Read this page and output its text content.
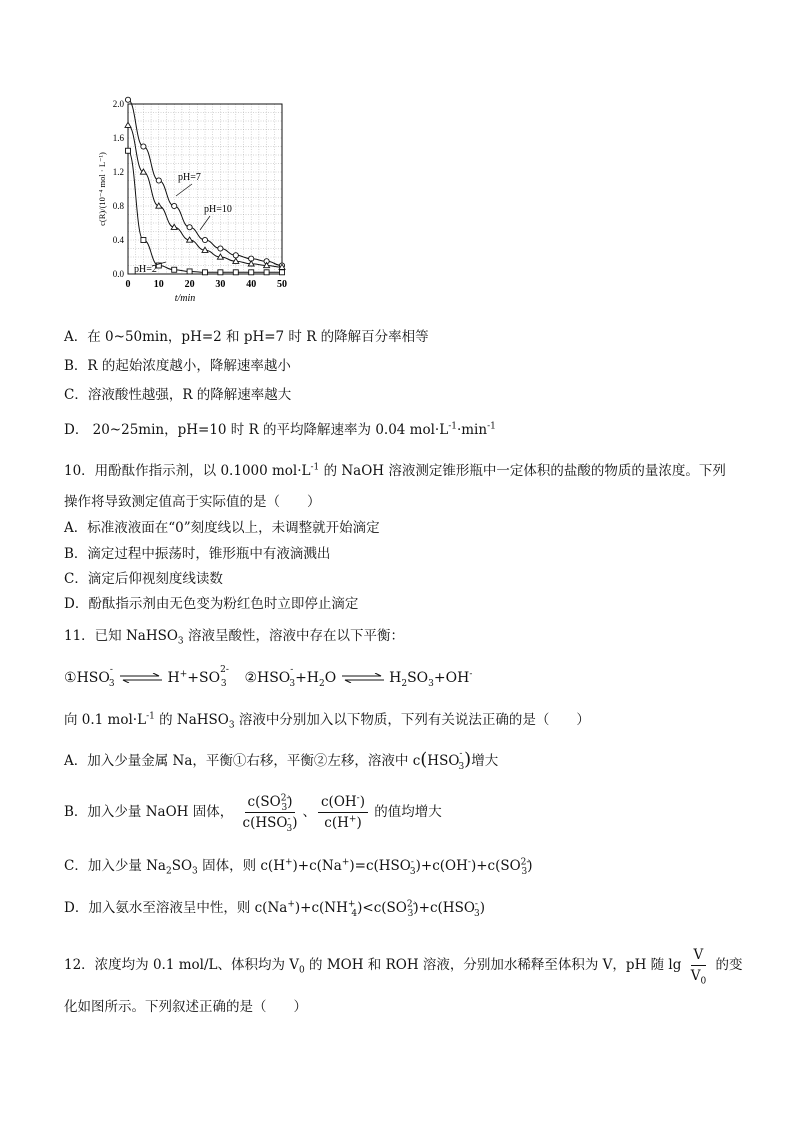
0 10 20 30 40 50
0.0
0.4
0.8
1.2
1.6
2.0
t/min
c(R)/(10⁻⁴ mol · L⁻¹)	pH=7
pH=10
pH=2
A．在 0~50min，pH=2 和 pH=7 时 R 的降解百分率相等
B．R 的起始浓度越小，降解速率越小
C．溶液酸性越强，R 的降解速率越大
D． 20~25min，pH=10 时 R 的平均降解速率为 0.04 $mol\cdot L^{-1}\cdot\min^{-1}$
10．用酚酞作指示剂，以 0.1000 $mol\cdot L^{-1}$ 的 NaOH 溶液测定锥形瓶中一定体积的盐酸的物质的量浓度。下列
操作将导致测定值高于实际值的是（　　）
A．标准液液面在“0”刻度线以上，未调整就开始滴定
B．滴定过程中振荡时，锥形瓶中有液滴溅出
C．滴定后仰视刻度线读数
D．酚酞指示剂由无色变为粉红色时立即停止滴定
11．已知 NaHSO$_3$ 溶液呈酸性，溶液中存在以下平衡：
$①HSO^-_3$ ⇌ $H^++SO^{2-}_3$ $②HSO^-_3+H_2O$ ⇌ $H_2SO_3+OH^-$
向 0.1 $mol\cdot L^{-1}$ 的 NaHSO$_3$ 溶液中分别加入以下物质，下列有关说法正确的是（　　）
A．加入少量金属 Na，平衡①右移，平衡②左移，溶液中 $c(HSO^-_3)$增大
B．加入少量 NaOH 固体， $\frac{c(SO^{2-}_3)}{c(HSO^-_3)}$ 、 $\frac{c(OH^-)}{c(H^+)}$ 的值均增大
C．加入少量 $Na_2SO_3$ 固体，则 $c(H^+)+c(Na^+)=c(HSO^-_3)+c(OH^-)+c(SO^{2-}_3)$
D．加入氨水至溶液呈中性，则 $c(Na^+)+c(NH^+_4)<c(SO^{2-}_3)+c(HSO^-_3)$
12．浓度均为 0.1 mol/L、体积均为 $V_0$ 的 MOH 和 ROH 溶液，分别加水稀释至体积为 V，pH 随 $\lg \frac{V}{V_0}$ 的变
化如图所示。下列叙述正确的是（　　）
